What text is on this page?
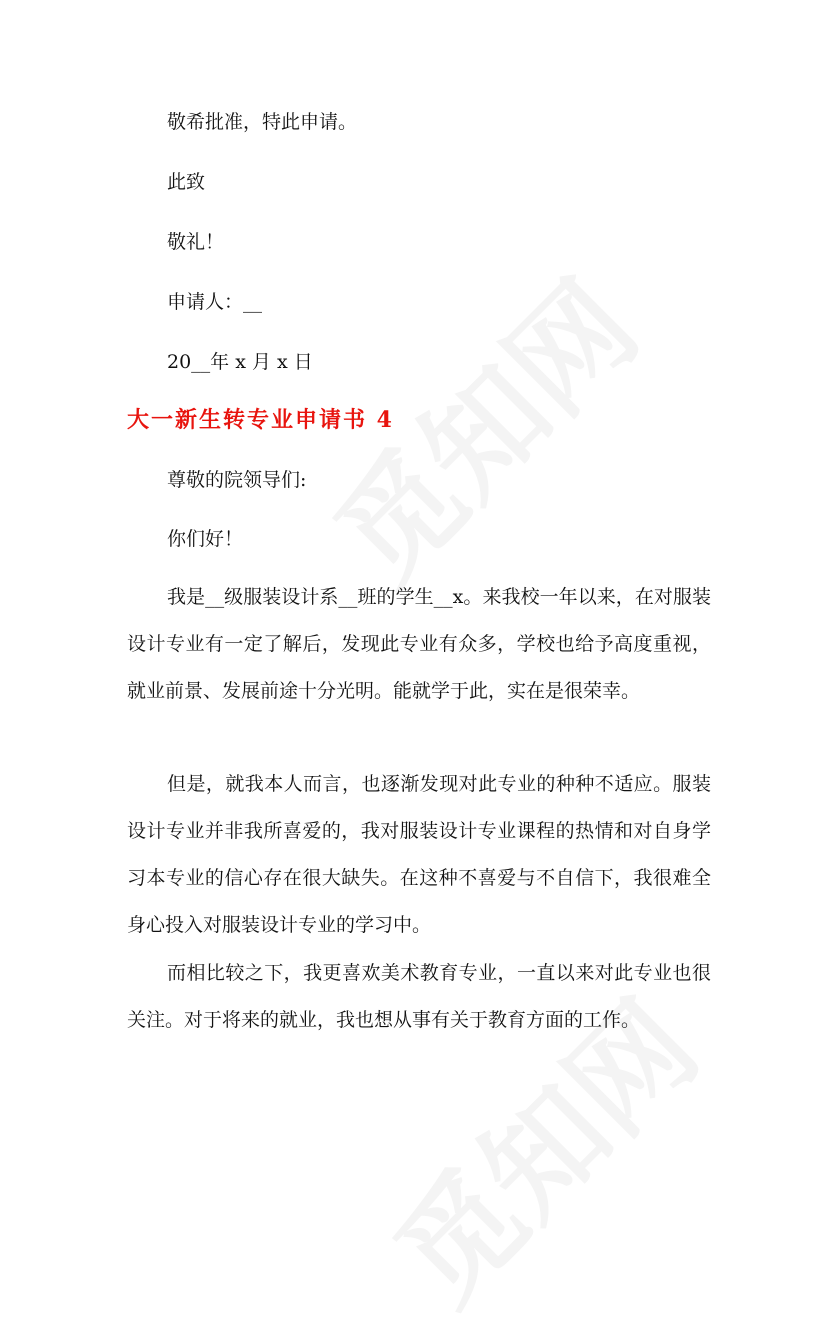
敬希批准，特此申请。
此致
敬礼！
申请人：__
20__年 x 月 x 日
大一新生转专业申请书 4
尊敬的院领导们:
你们好！
我是__级服装设计系__班的学生__x。来我校一年以来，在对服装设计专业有一定了解后，发现此专业有众多，学校也给予高度重视，就业前景、发展前途十分光明。能就学于此，实在是很荣幸。
但是，就我本人而言，也逐渐发现对此专业的种种不适应。服装设计专业并非我所喜爱的，我对服装设计专业课程的热情和对自身学习本专业的信心存在很大缺失。在这种不喜爱与不自信下，我很难全身心投入对服装设计专业的学习中。
而相比较之下，我更喜欢美术教育专业，一直以来对此专业也很关注。对于将来的就业，我也想从事有关于教育方面的工作。
